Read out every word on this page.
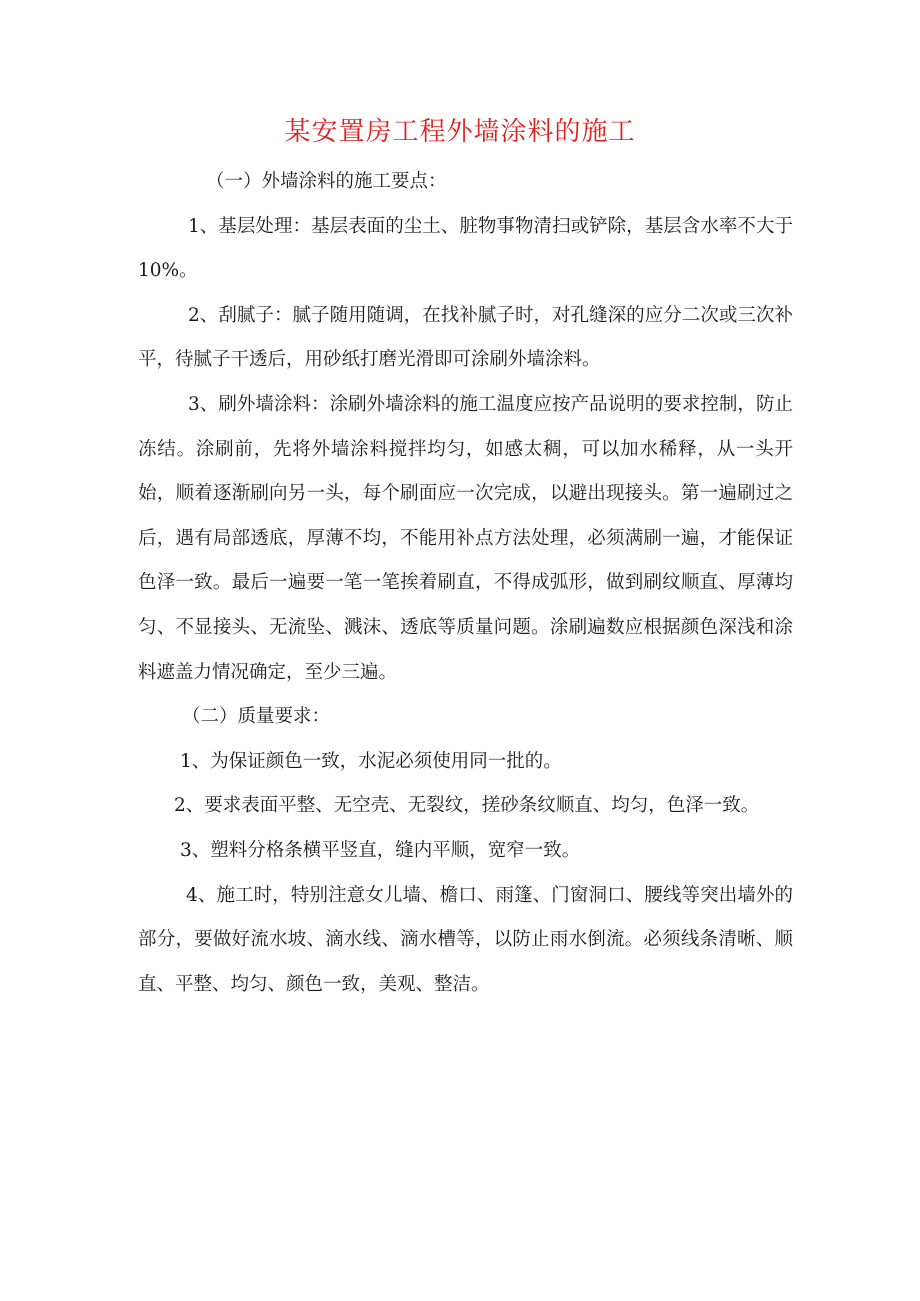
某安置房工程外墙涂料的施工

（一）外墙涂料的施工要点：

1、基层处理：基层表面的尘土、脏物事物清扫或铲除，基层含水率不大于10%。

2、刮腻子：腻子随用随调，在找补腻子时，对孔缝深的应分二次或三次补平，待腻子干透后，用砂纸打磨光滑即可涂刷外墙涂料。

3、刷外墙涂料：涂刷外墙涂料的施工温度应按产品说明的要求控制，防止冻结。涂刷前，先将外墙涂料搅拌均匀，如感太稠，可以加水稀释，从一头开始，顺着逐渐刷向另一头，每个刷面应一次完成，以避出现接头。第一遍刷过之后，遇有局部透底，厚薄不均，不能用补点方法处理，必须满刷一遍，才能保证色泽一致。最后一遍要一笔一笔挨着刷直，不得成弧形，做到刷纹顺直、厚薄均匀、不显接头、无流坠、溅沫、透底等质量问题。涂刷遍数应根据颜色深浅和涂料遮盖力情况确定，至少三遍。

（二）质量要求：

1、为保证颜色一致，水泥必须使用同一批的。

2、要求表面平整、无空壳、无裂纹，搓砂条纹顺直、均匀，色泽一致。

3、塑料分格条横平竖直，缝内平顺，宽窄一致。

4、施工时，特别注意女儿墙、檐口、雨篷、门窗洞口、腰线等突出墙外的部分，要做好流水坡、滴水线、滴水槽等，以防止雨水倒流。必须线条清晰、顺直、平整、均匀、颜色一致，美观、整洁。
